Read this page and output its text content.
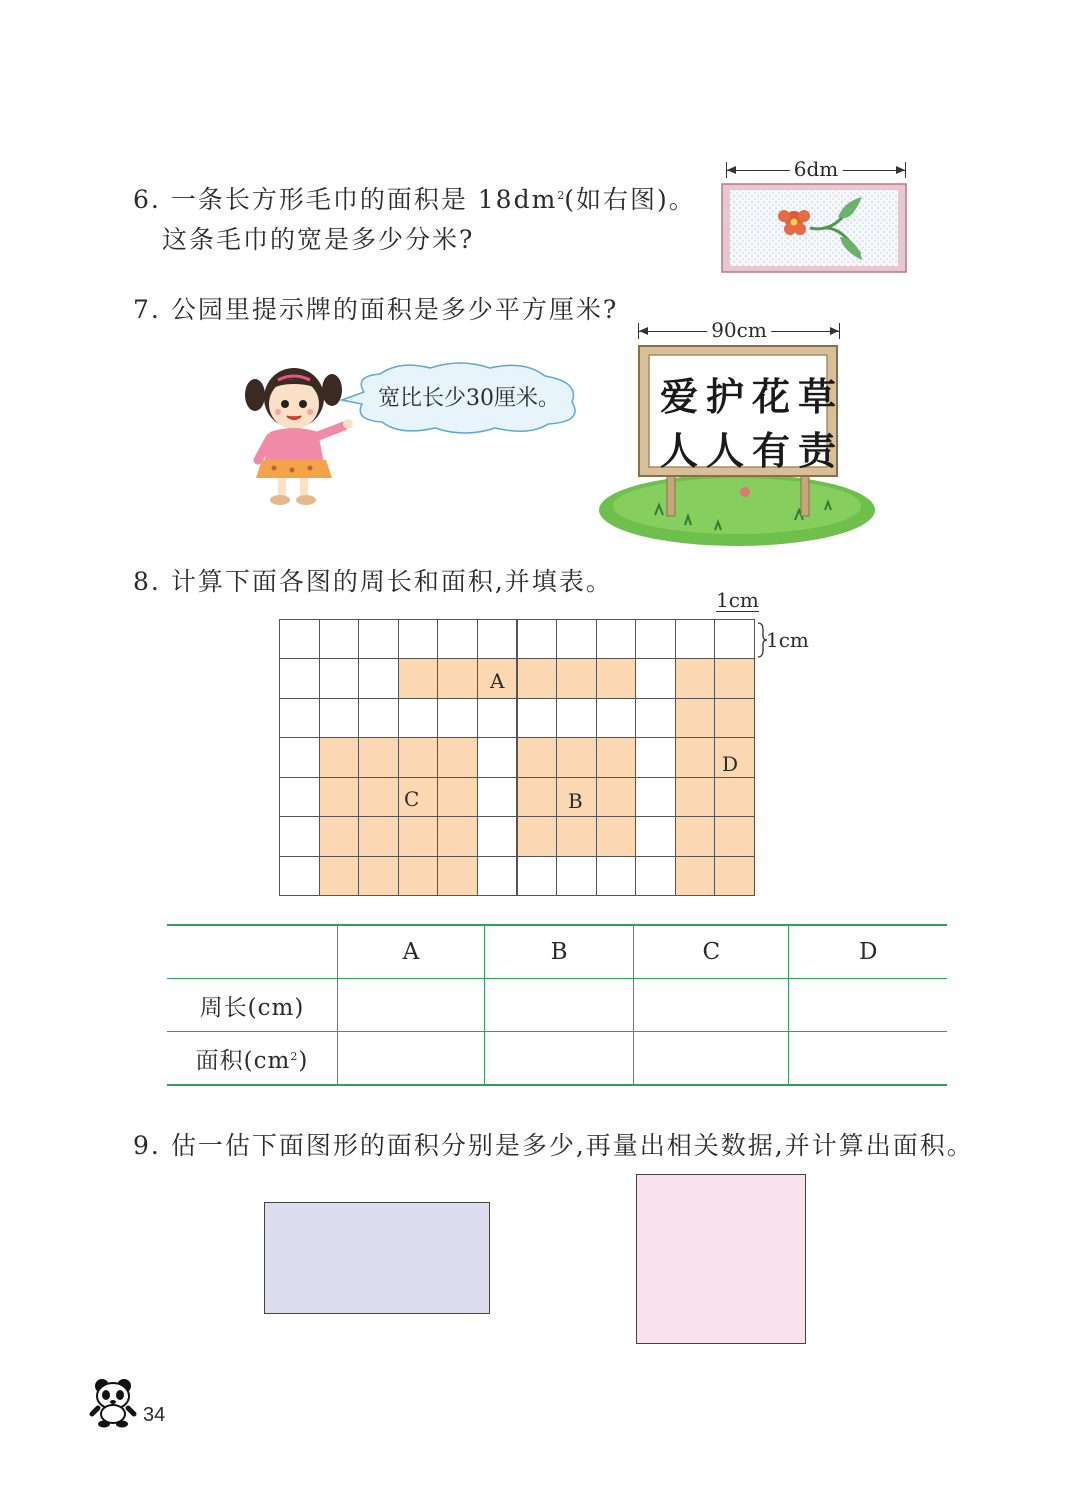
6. 一条长方形毛巾的面积是 $18dm^2$(如右图)。
这条毛巾的宽是多少分米?
6dm
7. 公园里提示牌的面积是多少平方厘米?
宽比长少30厘米。
90cm
爱护花草
人人有责
8. 计算下面各图的周长和面积,并填表。
1cm
1cm
A
B
C
D
	A	B	C	D
周长(cm)				
面积$(cm^2)$				
9. 估一估下面图形的面积分别是多少,再量出相关数据,并计算出面积。
34
